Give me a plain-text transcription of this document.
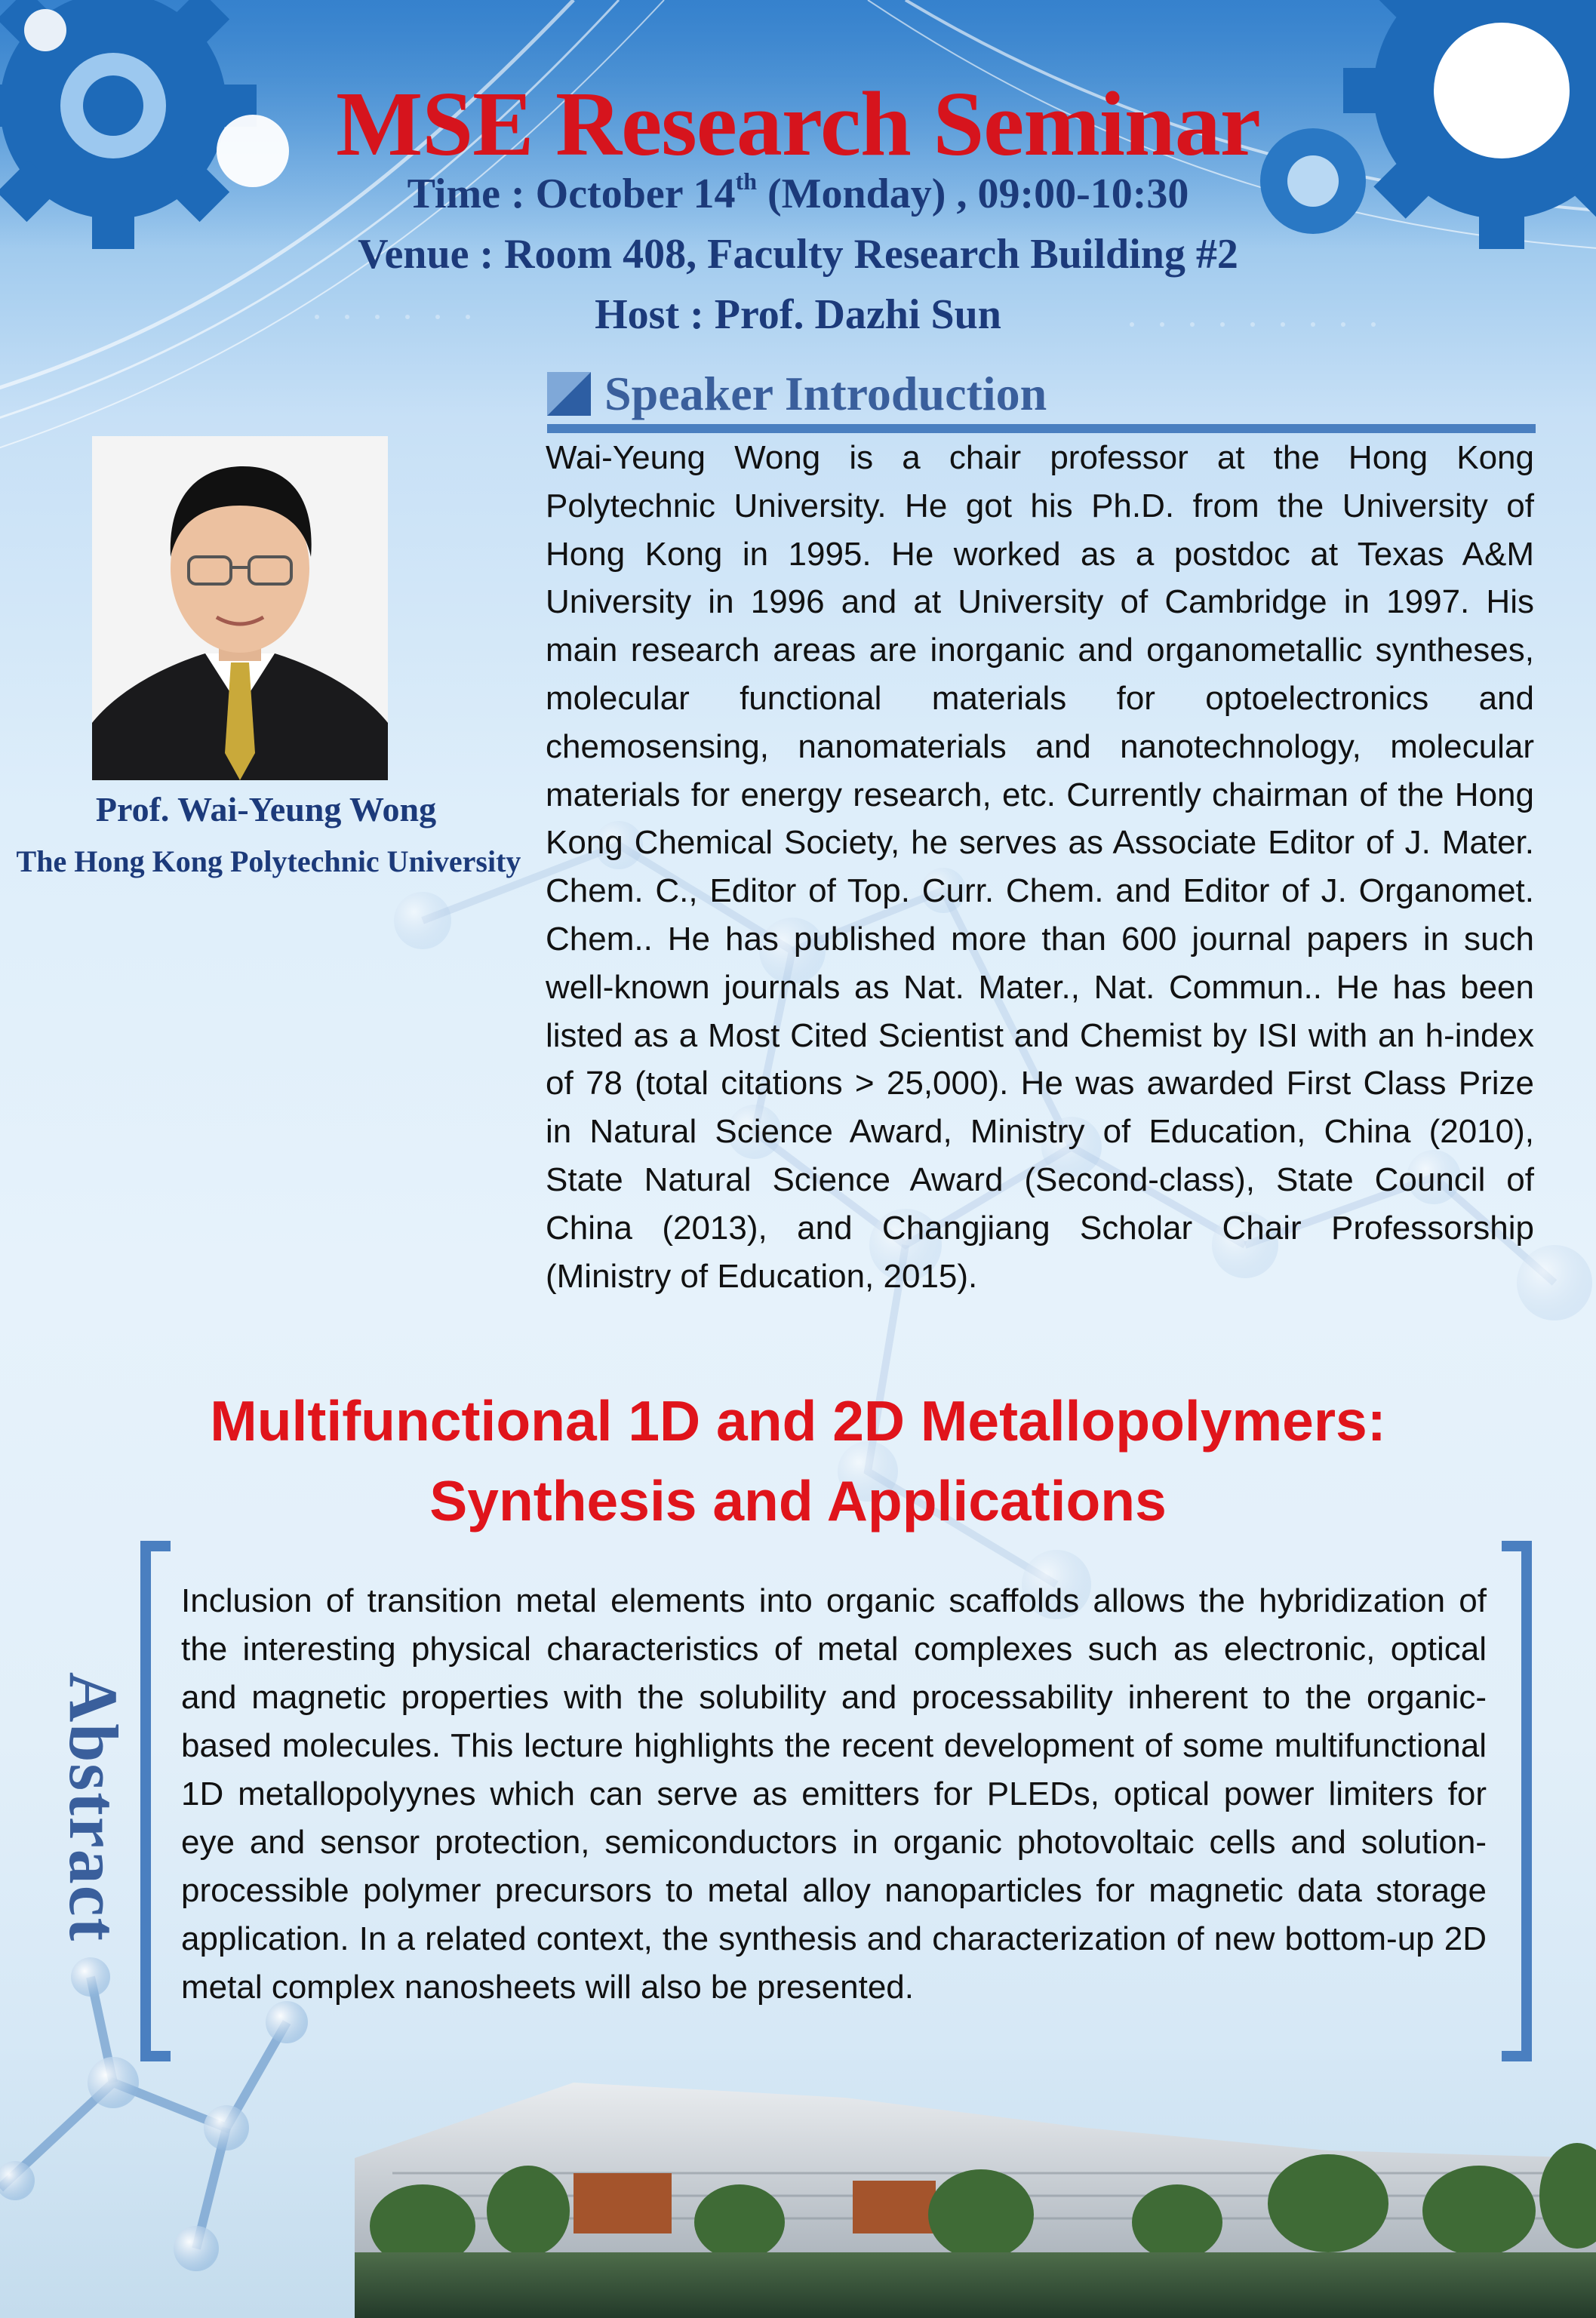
MSE Research Seminar
Time : October 14th (Monday) , 09:00-10:30
Venue : Room 408, Faculty Research Building #2
Host : Prof. Dazhi Sun
Speaker Introduction
Prof. Wai-Yeung Wong
The Hong Kong Polytechnic University

Wai-Yeung Wong is a chair professor at the Hong Kong Polytechnic University. He got his Ph.D. from the University of Hong Kong in 1995. He worked as a postdoc at Texas A&M University in 1996 and at University of Cambridge in 1997. His main research areas are inorganic and organometallic syntheses, molecular functional materials for optoelectronics and chemosensing, nanomaterials and nanotechnology, molecular materials for energy research, etc. Currently chairman of the Hong Kong Chemical Society, he serves as Associate Editor of J. Mater. Chem. C., Editor of Top. Curr. Chem. and Editor of J. Organomet. Chem.. He has published more than 600 journal papers in such well-known journals as Nat. Mater., Nat. Commun.. He has been listed as a Most Cited Scientist and Chemist by ISI with an h-index of 78 (total citations > 25,000). He was awarded First Class Prize in Natural Science Award, Ministry of Education, China (2010), State Natural Science Award (Second-class), State Council of China (2013), and Changjiang Scholar Chair Professorship (Ministry of Education, 2015).

Multifunctional 1D and 2D Metallopolymers:
Synthesis and Applications
Abstract

Inclusion of transition metal elements into organic scaffolds allows the hybridization of the interesting physical characteristics of metal complexes such as electronic, optical and magnetic properties with the solubility and processability inherent to the organic-based molecules. This lecture highlights the recent development of some multifunctional 1D metallopolyynes which can serve as emitters for PLEDs, optical power limiters for eye and sensor protection, semiconductors in organic photovoltaic cells and solution-processible polymer precursors to metal alloy nanoparticles for magnetic data storage application. In a related context, the synthesis and characterization of new bottom-up 2D metal complex nanosheets will also be presented.
